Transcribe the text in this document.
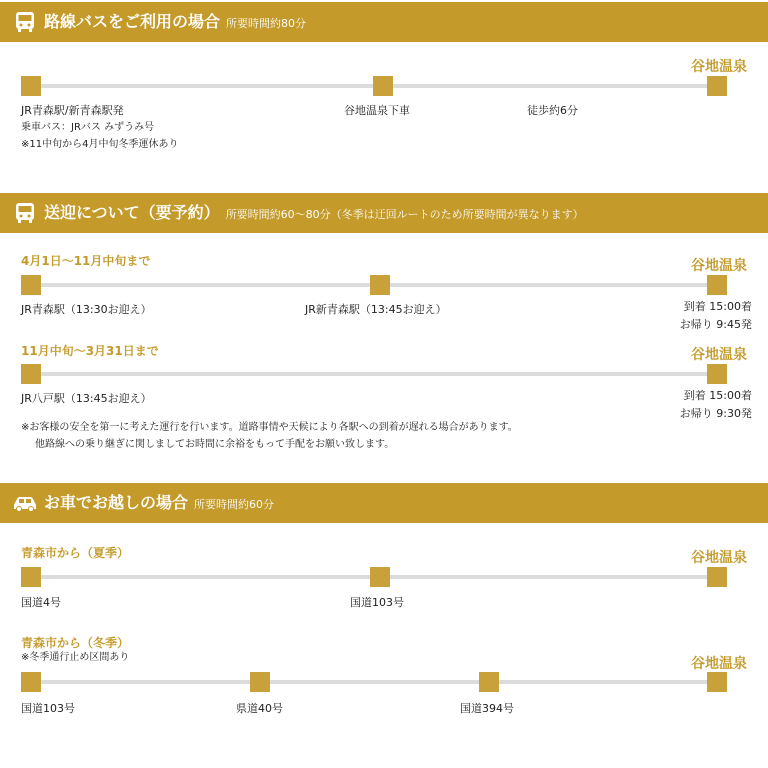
路線バスをご利用の場合 所要時間約80分
谷地温泉
JR青森駅/新青森駅発
乗車バス：JRバス みずうみ号
※11中旬から4月中旬冬季運休あり
谷地温泉下車	徒歩約6分
送迎について（要予約） 所要時間約60～80分（冬季は迂回ルートのため所要時間が異なります）
4月1日～11月中旬まで	谷地温泉
JR青森駅（13:30お迎え）	JR新青森駅（13:45お迎え）	到着 15:00着
お帰り 9:45発
11月中旬～3月31日まで	谷地温泉
JR八戸駅（13:45お迎え）	到着 15:00着
お帰り 9:30発
※お客様の安全を第一に考えた運行を行います。道路事情や天候により各駅への到着が遅れる場合があります。
他路線への乗り継ぎに関しましてお時間に余裕をもって手配をお願い致します。
お車でお越しの場合 所要時間約60分
青森市から（夏季）	谷地温泉
国道4号	国道103号
青森市から（冬季）
※冬季通行止め区間あり	谷地温泉
国道103号	県道40号	国道394号
